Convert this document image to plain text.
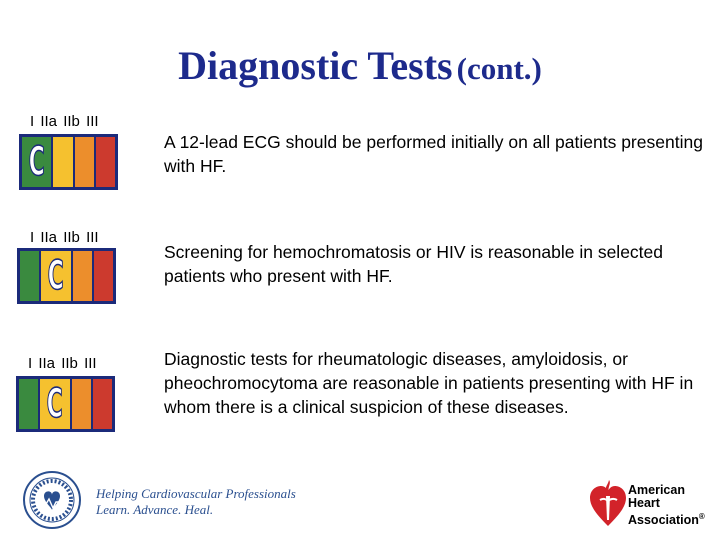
Diagnostic Tests (cont.)
I IIa IIb III
C	A 12-lead ECG should be performed initially on all patients presenting with HF.
I IIa IIb III
C
Screening for hemochromatosis or HIV is reasonable in selected patients who present with HF.
I IIa IIb III
C
Diagnostic tests for rheumatologic diseases, amyloidosis, or pheochromocytoma are reasonable in patients presenting with HF in whom there is a clinical suspicion of these diseases.
Helping Cardiovascular Professionals
Learn. Advance. Heal.
American
Heart
Association®
